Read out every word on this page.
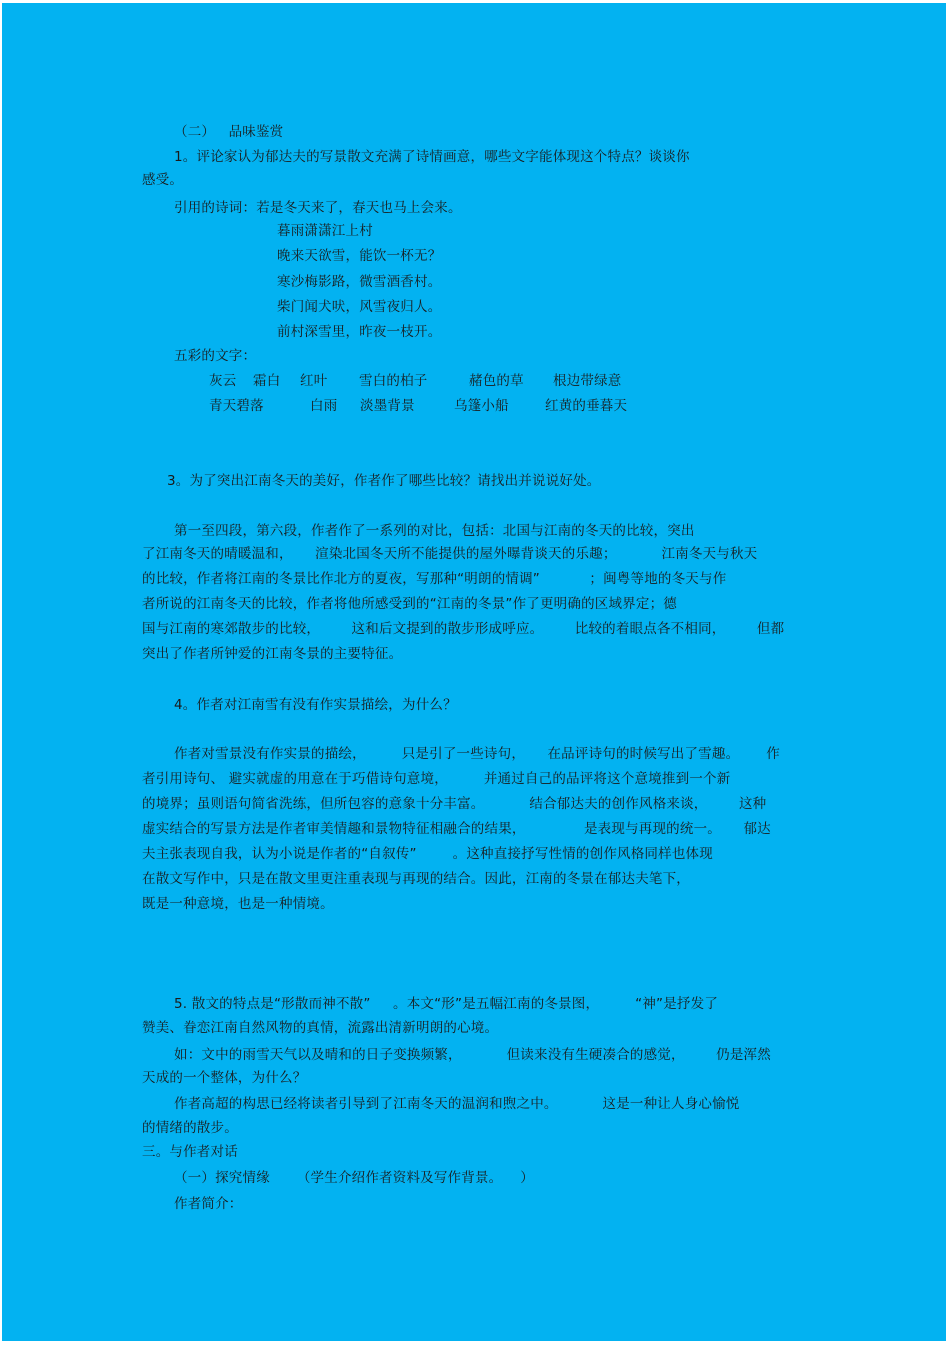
（二）   品味鉴赏
1。评论家认为郁达夫的写景散文充满了诗情画意，哪些文字能体现这个特点？谈谈你
感受。
引用的诗词：若是冬天来了，春天也马上会来。
暮雨潇潇江上村
晚来天欲雪，能饮一杯无？
寒沙梅影路，微雪酒香村。
柴门闻犬吠，风雪夜归人。
前村深雪里，昨夜一枝开。
五彩的文字：
灰云 霜白 红叶 雪白的柏子	赭色的草 根边带绿意
青天碧落	白雨 淡墨背景	乌篷小船	红黄的垂暮天
3。为了突出江南冬天的美好，作者作了哪些比较？请找出并说说好处。
第一至四段，第六段，作者作了一系列的对比，包括：北国与江南的冬天的比较，突出
了江南冬天的晴暖温和，     渲染北国冬天所不能提供的屋外曝背谈天的乐趣；          江南冬天与秋天
的比较，作者将江南的冬景比作北方的夏夜，写那种“明朗的情调”           ；闽粤等地的冬天与作
者所说的江南冬天的比较，作者将他所感受到的“江南的冬景”作了更明确的区域界定；德
国与江南的寒郊散步的比较，       这和后文提到的散步形成呼应。       比较的着眼点各不相同，       但都
突出了作者所钟爱的江南冬景的主要特征。
4。作者对江南雪有没有作实景描绘，为什么？
作者对雪景没有作实景的描绘，        只是引了一些诗句，     在品评诗句的时候写出了雪趣。      作
者引用诗句、 避实就虚的用意在于巧借诗句意境，        并通过自己的品评将这个意境推到一个新
的境界；虽则语句简省洗练，但所包容的意象十分丰富。          结合郁达夫的创作风格来谈，       这种
虚实结合的写景方法是作者审美情趣和景物特征相融合的结果，             是表现与再现的统一。     郁达
夫主张表现自我，认为小说是作者的“自叙传”        。这种直接抒写性情的创作风格同样也体现
在散文写作中，只是在散文里更注重表现与再现的结合。因此，江南的冬景在郁达夫笔下，
既是一种意境，也是一种情境。
5. 散文的特点是“形散而神不散”     。本文“形”是五幅江南的冬景图，        “神”是抒发了
赞美、眷恋江南自然风物的真情，流露出清新明朗的心境。
如：文中的雨雪天气以及晴和的日子变换频繁，          但读来没有生硬凑合的感觉，       仍是浑然
天成的一个整体，为什么？
作者高超的构思已经将读者引导到了江南冬天的温润和煦之中。          这是一种让人身心愉悦
的情绪的散步。
三。与作者对话
（一）探究情缘      （学生介绍作者资料及写作背景。    ）
作者简介：
